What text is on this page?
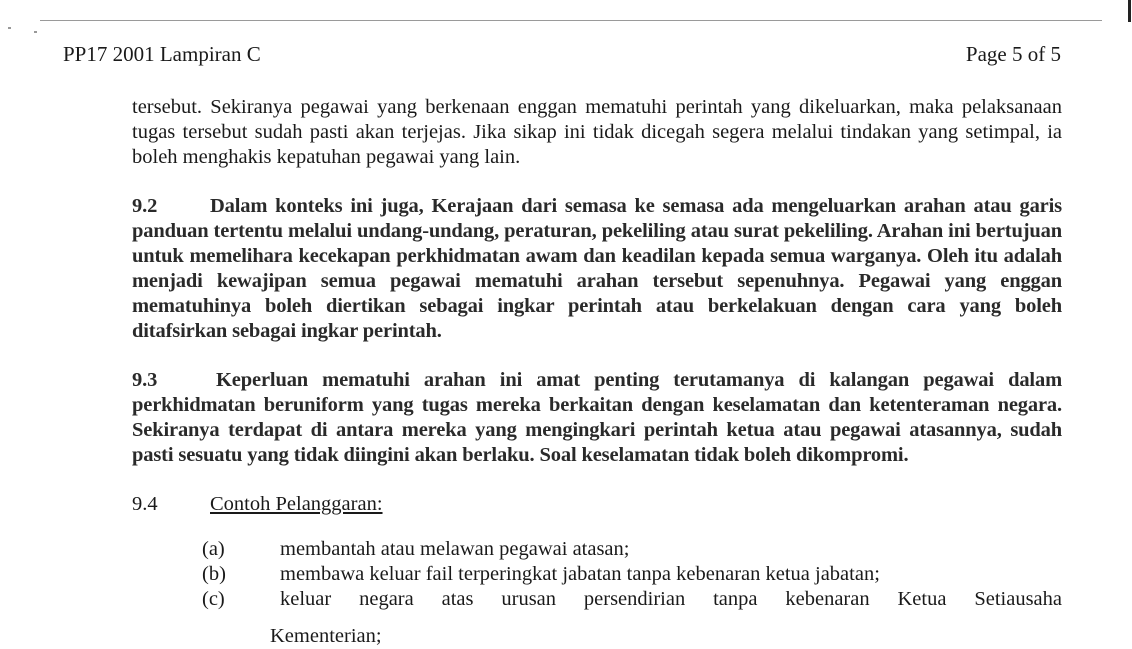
PP17 2001 Lampiran C	Page 5 of 5

tersebut. Sekiranya pegawai yang berkenaan enggan mematuhi perintah yang dikeluarkan, maka pelaksanaan tugas tersebut sudah pasti akan terjejas. Jika sikap ini tidak dicegah segera melalui tindakan yang setimpal, ia boleh menghakis kepatuhan pegawai yang lain.

9.2	Dalam konteks ini juga, Kerajaan dari semasa ke semasa ada mengeluarkan arahan atau garis panduan tertentu melalui undang-undang, peraturan, pekeliling atau surat pekeliling. Arahan ini bertujuan untuk memelihara kecekapan perkhidmatan awam dan keadilan kepada semua warganya. Oleh itu adalah menjadi kewajipan semua pegawai mematuhi arahan tersebut sepenuhnya. Pegawai yang enggan mematuhinya boleh diertikan sebagai ingkar perintah atau berkelakuan dengan cara yang boleh ditafsirkan sebagai ingkar perintah.

9.3	Keperluan mematuhi arahan ini amat penting terutamanya di kalangan pegawai dalam perkhidmatan beruniform yang tugas mereka berkaitan dengan keselamatan dan ketenteraman negara. Sekiranya terdapat di antara mereka yang mengingkari perintah ketua atau pegawai atasannya, sudah pasti sesuatu yang tidak diingini akan berlaku. Soal keselamatan tidak boleh dikompromi.

9.4	Contoh Pelanggaran:
(a)	membantah atau melawan pegawai atasan;
(b)	membawa keluar fail terperingkat jabatan tanpa kebenaran ketua jabatan;
(c)	keluar negara atas urusan persendirian tanpa kebenaran Ketua Setiausaha
Kementerian;
